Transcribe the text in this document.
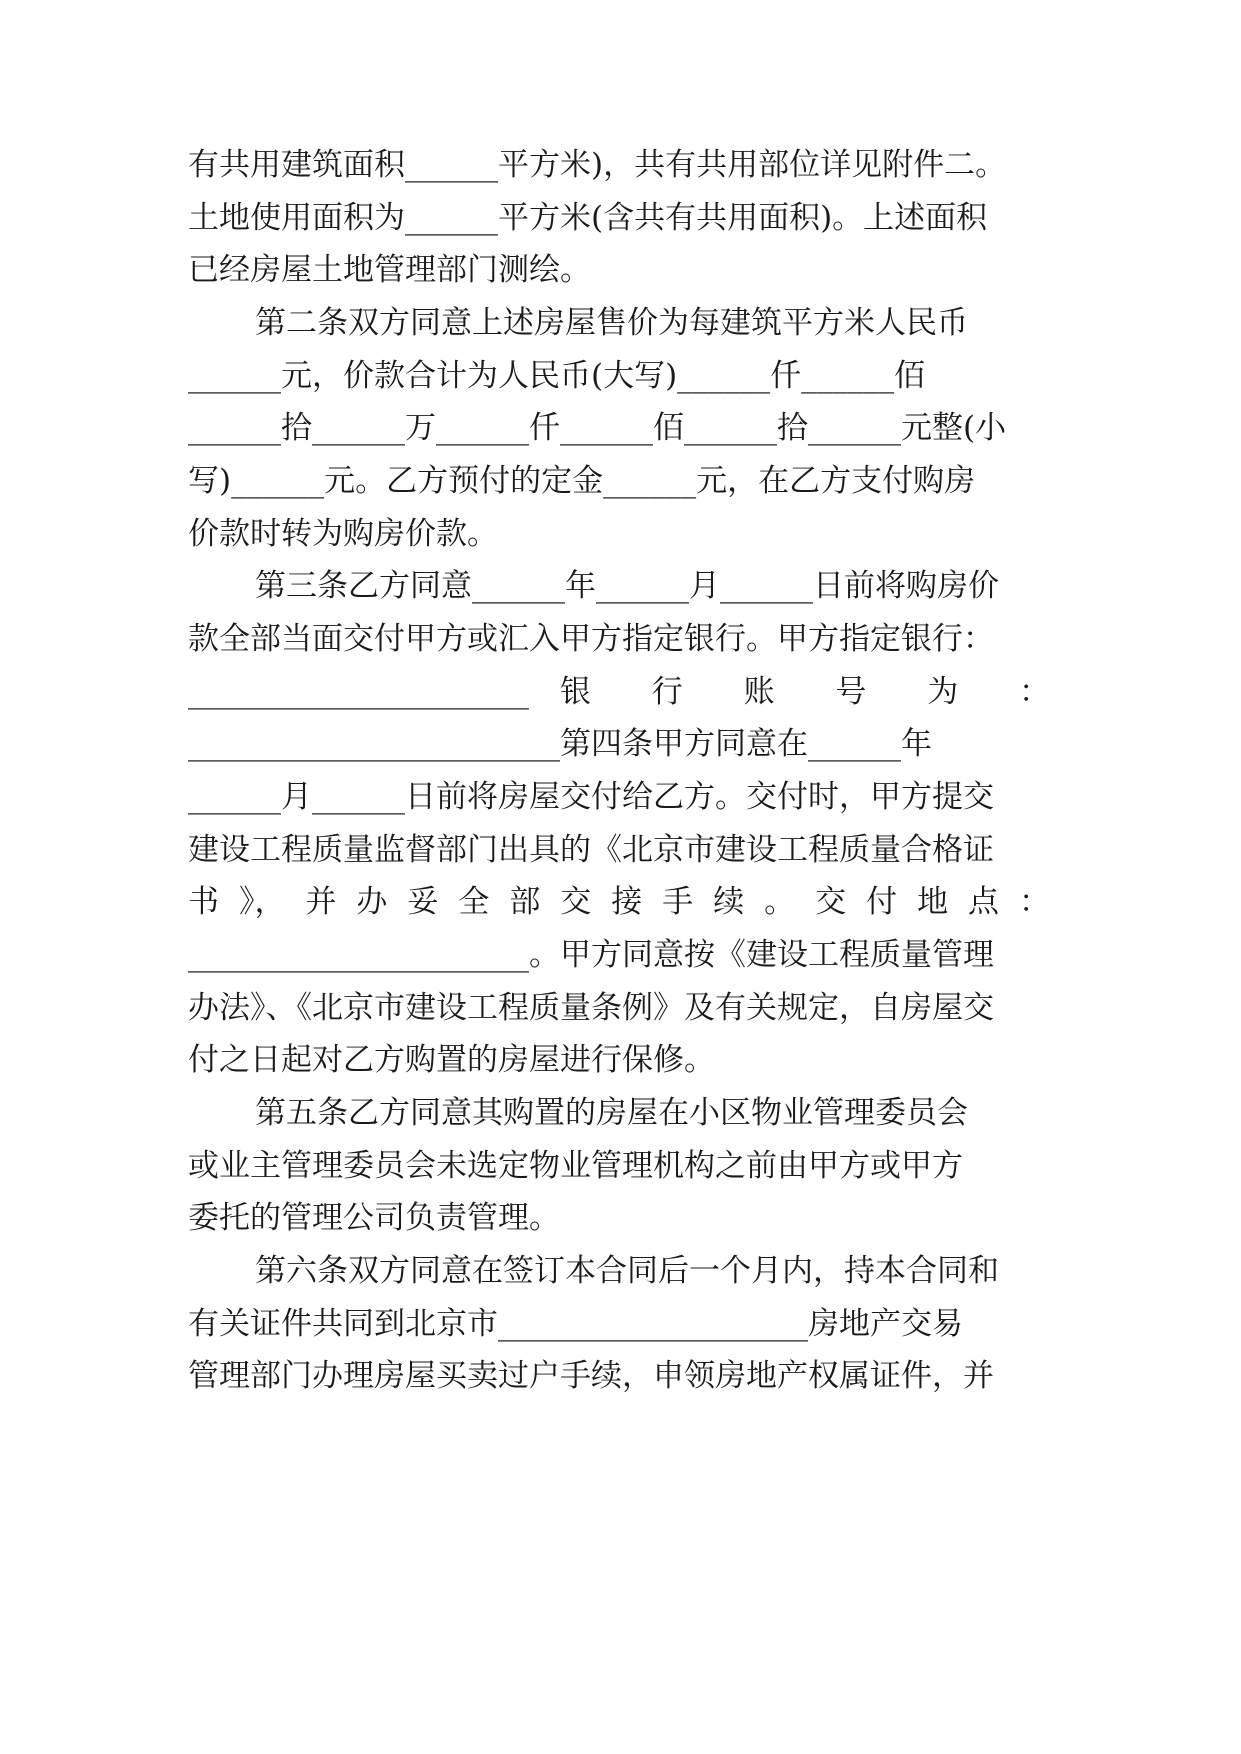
有共用建筑面积______平方米)，共有共用部位详见附件二。
土地使用面积为______平方米(含共有共用面积)。上述面积
已经房屋土地管理部门测绘。
第二条双方同意上述房屋售价为每建筑平方米人民币
______元，价款合计为人民币(大写)______仟______佰
______拾______万______仟______佰______拾______元整(小
写)______元。乙方预付的定金______元，在乙方支付购房
价款时转为购房价款。
第三条乙方同意______年______月______日前将购房价
款全部当面交付甲方或汇入甲方指定银行。甲方指定银行：
______________________ 银 行 账 号 为 ：
________________________第四条甲方同意在______年
______月______日前将房屋交付给乙方。交付时，甲方提交
建设工程质量监督部门出具的《北京市建设工程质量合格证
书 》， 并 办 妥 全 部 交 接 手 续 。 交 付 地 点 ：
______________________。甲方同意按《建设工程质量管理
办法》、《北京市建设工程质量条例》及有关规定，自房屋交
付之日起对乙方购置的房屋进行保修。
第五条乙方同意其购置的房屋在小区物业管理委员会
或业主管理委员会未选定物业管理机构之前由甲方或甲方
委托的管理公司负责管理。
第六条双方同意在签订本合同后一个月内，持本合同和
有关证件共同到北京市____________________房地产交易
管理部门办理房屋买卖过户手续，申领房地产权属证件，并
